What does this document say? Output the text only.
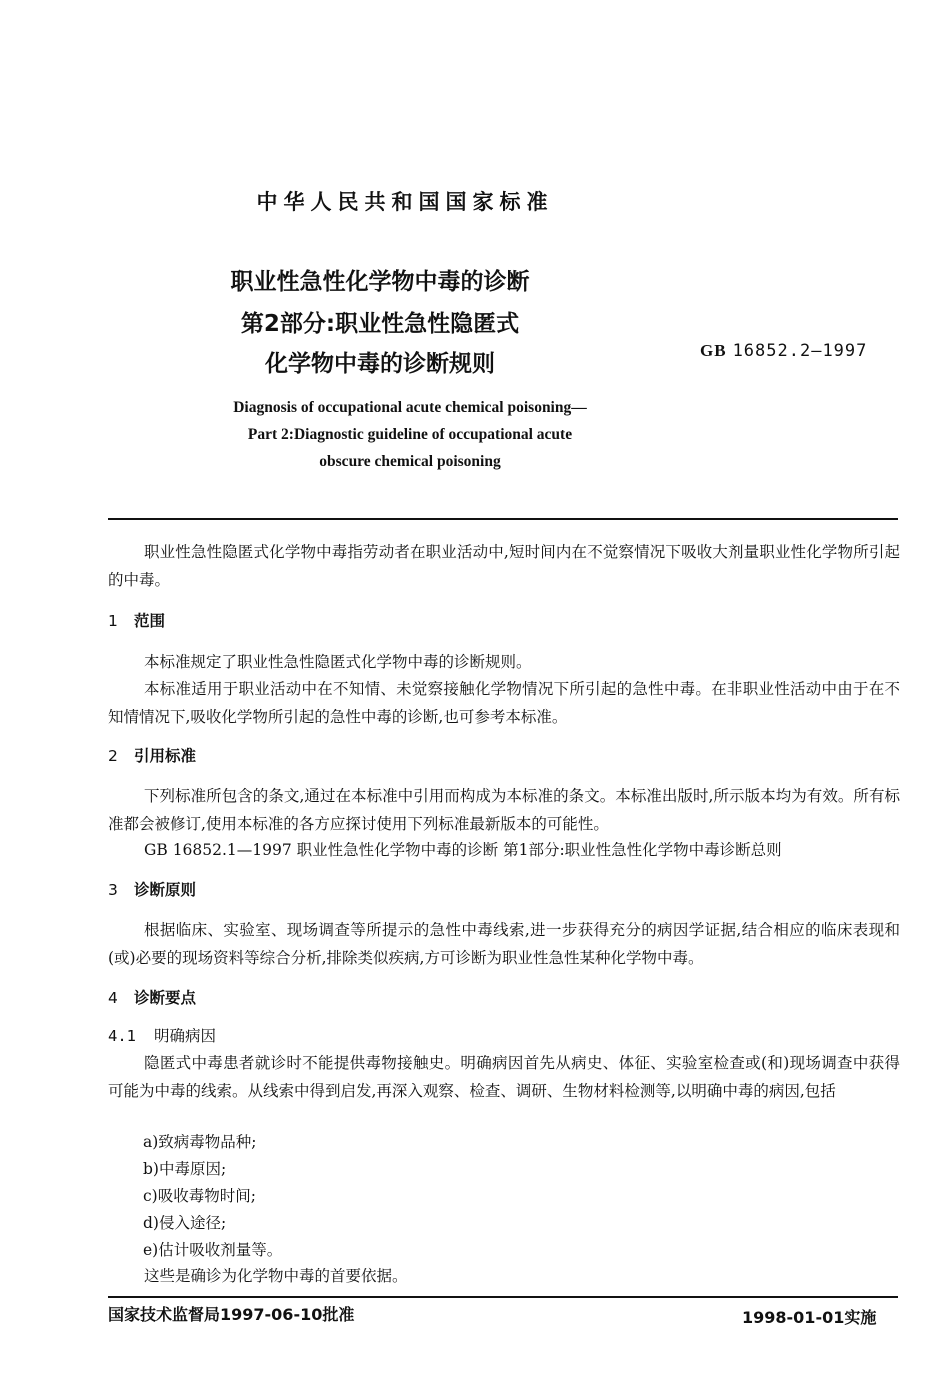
中华人民共和国国家标准
职业性急性化学物中毒的诊断
第2部分:职业性急性隐匿式
化学物中毒的诊断规则
GB 16852.2—1997
Diagnosis of occupational acute chemical poisoning—
Part 2:Diagnostic guideline of occupational acute
obscure chemical poisoning
职业性急性隐匿式化学物中毒指劳动者在职业活动中,短时间内在不觉察情况下吸收大剂量职业性化学物所引起的中毒。
1 范围
本标准规定了职业性急性隐匿式化学物中毒的诊断规则。
本标准适用于职业活动中在不知情、未觉察接触化学物情况下所引起的急性中毒。在非职业性活动中由于在不知情情况下,吸收化学物所引起的急性中毒的诊断,也可参考本标准。
2 引用标准
下列标准所包含的条文,通过在本标准中引用而构成为本标准的条文。本标准出版时,所示版本均为有效。所有标准都会被修订,使用本标准的各方应探讨使用下列标准最新版本的可能性。
GB 16852.1—1997 职业性急性化学物中毒的诊断 第1部分:职业性急性化学物中毒诊断总则
3 诊断原则
根据临床、实验室、现场调查等所提示的急性中毒线索,进一步获得充分的病因学证据,结合相应的临床表现和(或)必要的现场资料等综合分析,排除类似疾病,方可诊断为职业性急性某种化学物中毒。
4 诊断要点
4.1 明确病因
隐匿式中毒患者就诊时不能提供毒物接触史。明确病因首先从病史、体征、实验室检查或(和)现场调查中获得可能为中毒的线索。从线索中得到启发,再深入观察、检查、调研、生物材料检测等,以明确中毒的病因,包括
a)致病毒物品种;
b)中毒原因;
c)吸收毒物时间;
d)侵入途径;
e)估计吸收剂量等。
这些是确诊为化学物中毒的首要依据。
国家技术监督局1997-06-10批准	1998-01-01实施
